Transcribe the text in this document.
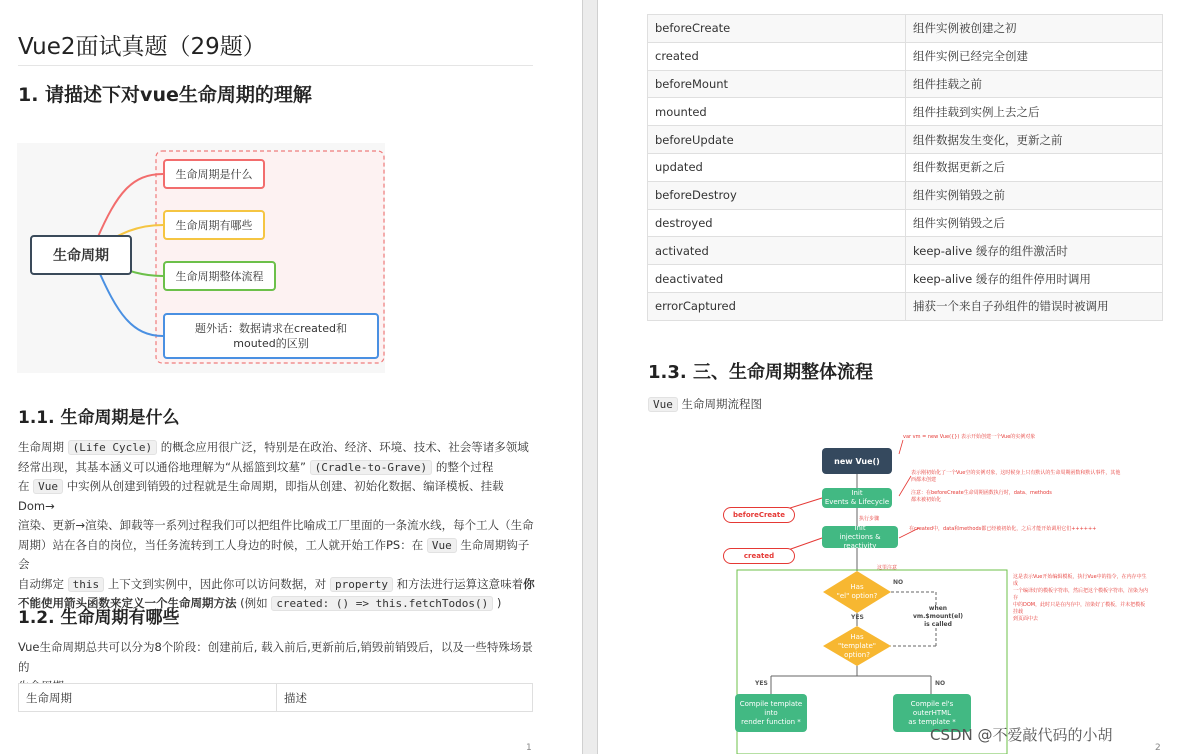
Vue2面试真题（29题）
1. 请描述下对vue生命周期的理解
生命周期
生命周期是什么
生命周期有哪些
生命周期整体流程
题外话：数据请求在created和
mouted的区别
1.1. 生命周期是什么
生命周期 (Life Cycle) 的概念应用很广泛，特别是在政治、经济、环境、技术、社会等诸多领域
经常出现，其基本涵义可以通俗地理解为“从摇篮到坟墓” (Cradle-to-Grave) 的整个过程
在 Vue 中实例从创建到销毁的过程就是生命周期，即指从创建、初始化数据、编译模板、挂载Dom→
渲染、更新→渲染、卸载等一系列过程我们可以把组件比喻成工厂里面的一条流水线，每个工人（生命
周期）站在各自的岗位，当任务流转到工人身边的时候，工人就开始工作PS：在 Vue 生命周期钩子会
自动绑定 this 上下文到实例中，因此你可以访问数据，对 property 和方法进行运算这意味着你
不能使用箭头函数来定义一个生命周期方法 (例如 created: () => this.fetchTodos() )
1.2. 生命周期有哪些
Vue生命周期总共可以分为8个阶段：创建前后, 载入前后,更新前后,销毁前销毁后，以及一些特殊场景的
生命周期	描述
1
beforeCreate	组件实例被创建之初
created	组件实例已经完全创建
beforeMount	组件挂载之前
mounted	组件挂载到实例上去之后
beforeUpdate	组件数据发生变化，更新之前
updated	组件数据更新之后
beforeDestroy	组件实例销毁之前
destroyed	组件实例销毁之后
activated	keep-alive 缓存的组件激活时
deactivated	keep-alive 缓存的组件停用时调用
errorCaptured	捕获一个来自子孙组件的错误时被调用
1.3. 三、生命周期整体流程
Vue 生命周期流程图
new Vue()
Init
Events & Lifecycle
beforeCreate
Init
injections & reactivity
created
Has
"el" option?
NO
YES
when
vm.$mount(el)
is called
Has
"template" option?
YES	NO
Compile template
into
render function *
Compile el's
outerHTML
as template *
var vm = new Vue({}) 表示开始创建一个Vue的实例对象
表示刚初始化了一个Vue空的实例对象，这时候身上只有默认的生命周期函数和默认事件，其他
西都未创建
注意：在beforeCreate生命周期函数执行时，data、methods
都未被初始化
执行步骤
在created中，data和methods都已经被初始化，之后才能开始调用它们++++++
这里注意
这是表示Vue开始编辑模板，执行Vue中的指令，在内存中生成
一个编译好的模板字符串，然后把这个模板字符串，渲染为内存
中的DOM，此时只是在内存中，渲染好了模板，并未把模板挂载
到页面中去
2
CSDN @不爱敲代码的小胡
